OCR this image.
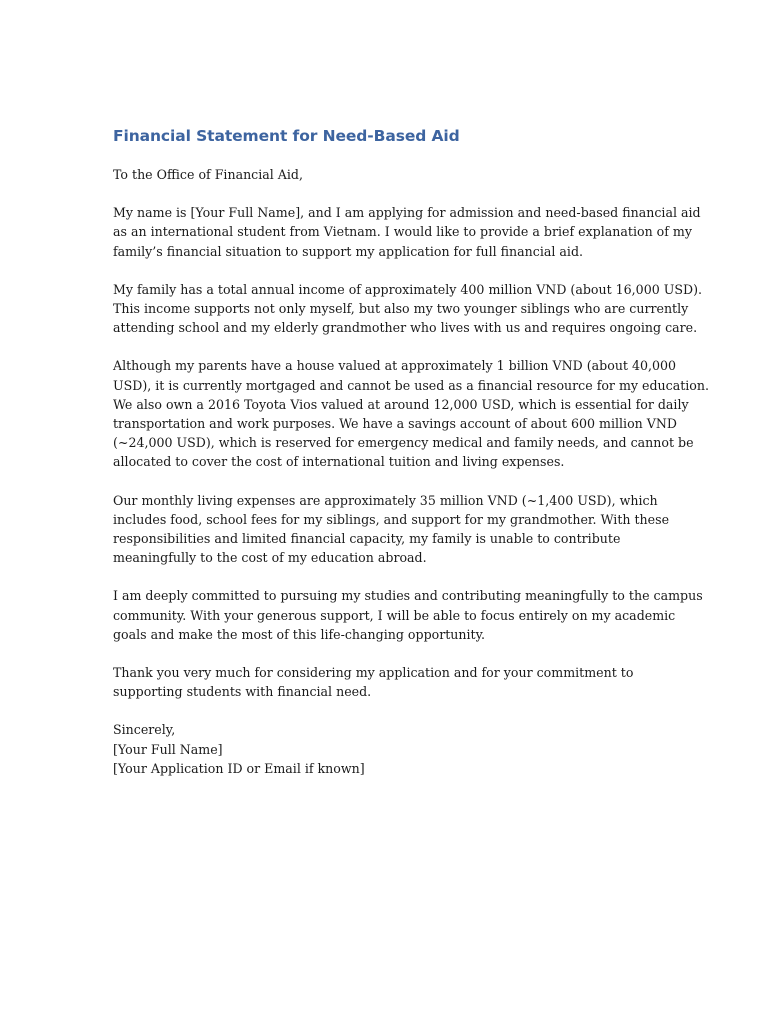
Financial Statement for Need-Based Aid
To the Office of Financial Aid,
My name is [Your Full Name], and I am applying for admission and need-based financial aid
as an international student from Vietnam. I would like to provide a brief explanation of my
family’s financial situation to support my application for full financial aid.
My family has a total annual income of approximately 400 million VND (about 16,000 USD).
This income supports not only myself, but also my two younger siblings who are currently
attending school and my elderly grandmother who lives with us and requires ongoing care.
Although my parents have a house valued at approximately 1 billion VND (about 40,000
USD), it is currently mortgaged and cannot be used as a financial resource for my education.
We also own a 2016 Toyota Vios valued at around 12,000 USD, which is essential for daily
transportation and work purposes. We have a savings account of about 600 million VND
(~24,000 USD), which is reserved for emergency medical and family needs, and cannot be
allocated to cover the cost of international tuition and living expenses.
Our monthly living expenses are approximately 35 million VND (~1,400 USD), which
includes food, school fees for my siblings, and support for my grandmother. With these
responsibilities and limited financial capacity, my family is unable to contribute
meaningfully to the cost of my education abroad.
I am deeply committed to pursuing my studies and contributing meaningfully to the campus
community. With your generous support, I will be able to focus entirely on my academic
goals and make the most of this life-changing opportunity.
Thank you very much for considering my application and for your commitment to
supporting students with financial need.
Sincerely,
[Your Full Name]
[Your Application ID or Email if known]
